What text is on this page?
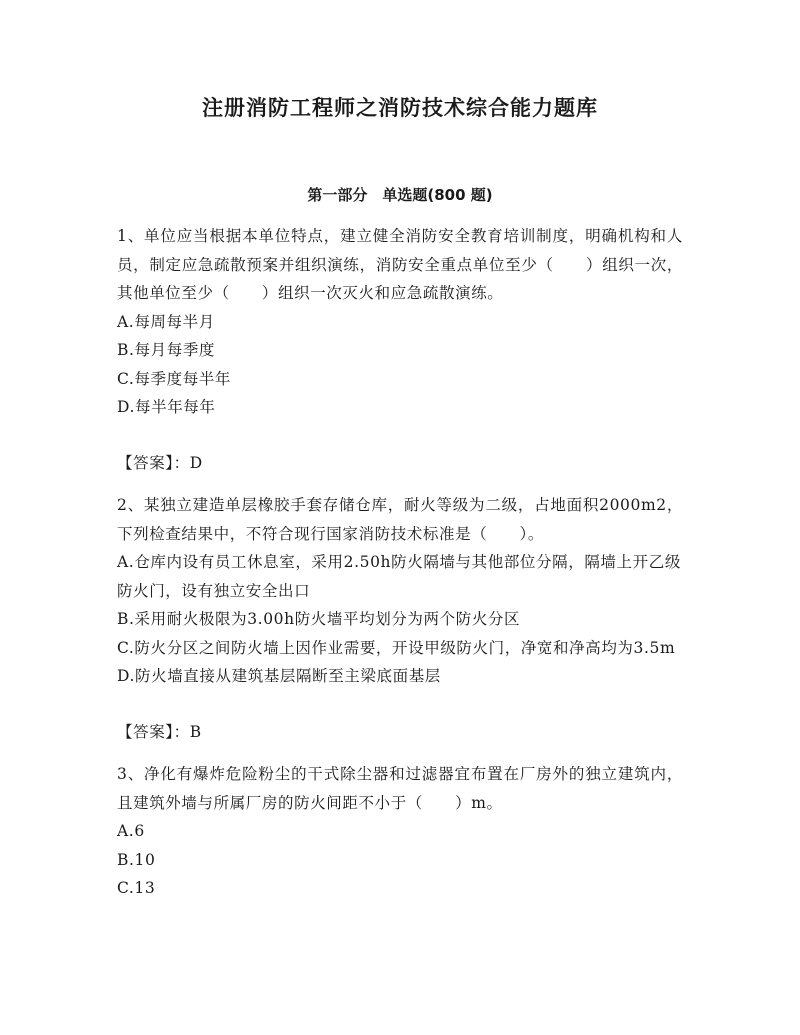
注册消防工程师之消防技术综合能力题库
第一部分　单选题(800 题)
1、单位应当根据本单位特点，建立健全消防安全教育培训制度，明确机构和人员，制定应急疏散预案并组织演练，消防安全重点单位至少（　　）组织一次，其他单位至少（　　）组织一次灭火和应急疏散演练。
A.每周每半月
B.每月每季度
C.每季度每半年
D.每半年每年
【答案】：D
2、某独立建造单层橡胶手套存储仓库，耐火等级为二级，占地面积2000m2，下列检查结果中，不符合现行国家消防技术标准是（　　）。
A.仓库内设有员工休息室，采用2.50h防火隔墙与其他部位分隔，隔墙上开乙级防火门，设有独立安全出口
B.采用耐火极限为3.00h防火墙平均划分为两个防火分区
C.防火分区之间防火墙上因作业需要，开设甲级防火门，净宽和净高均为3.5m
D.防火墙直接从建筑基层隔断至主梁底面基层
【答案】：B
3、净化有爆炸危险粉尘的干式除尘器和过滤器宜布置在厂房外的独立建筑内，且建筑外墙与所属厂房的防火间距不小于（　　）m。
A.6
B.10
C.13
